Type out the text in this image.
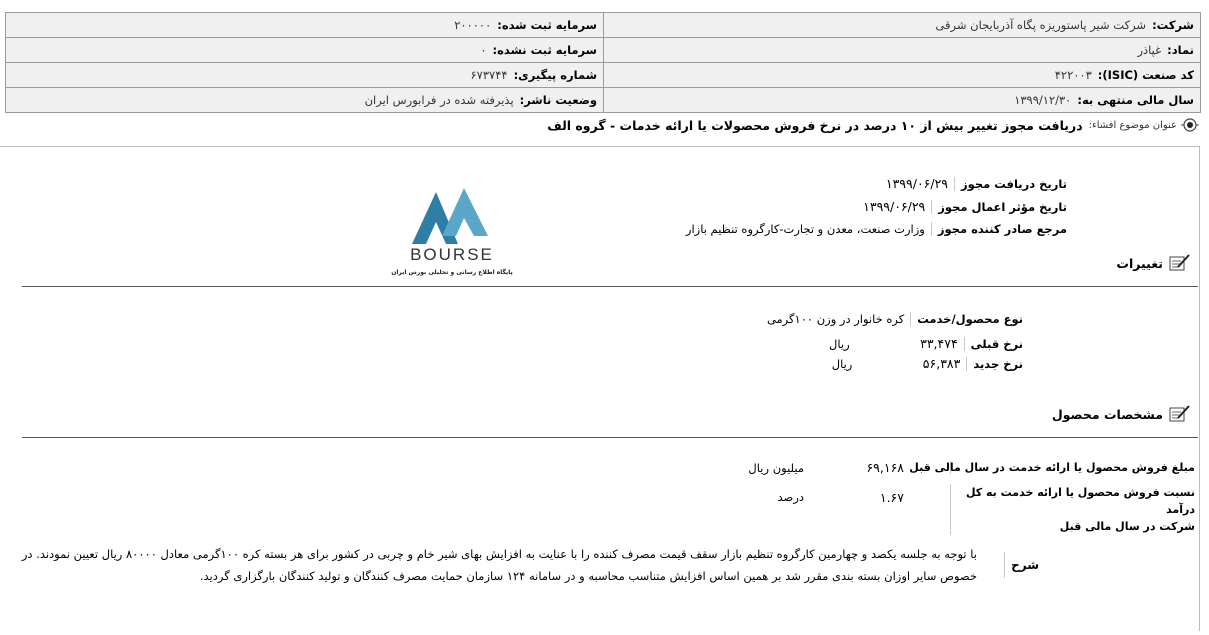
شرکت:
شرکت شیر پاستوریزه پگاه آذربایجان شرقی
سرمایه ثبت شده:
۲۰۰۰۰۰
نماد:
غپاذر
سرمایه ثبت نشده:
۰
کد صنعت (ISIC):
۴۲۲۰۰۳
شماره پیگیری:
۶۷۳۷۴۴
سال مالی منتهی به:
۱۳۹۹/۱۲/۳۰
وضعیت ناشر:
پذیرفته شده در فرابورس ایران
عنوان موضوع افشاء:
دریافت مجوز تغییر بیش از ۱۰ درصد در نرخ فروش محصولات یا ارائه خدمات - گروه الف
BOURSE
پایگاه اطلاع رسانی و تحلیلی بورس ایران
تاریخ دریافت مجوز
۱۳۹۹/۰۶/۲۹
تاریخ مؤثر اعمال مجوز
۱۳۹۹/۰۶/۲۹
مرجع صادر کننده مجوز
وزارت صنعت، معدن و تجارت-کارگروه تنظیم بازار
تغییرات
نوع محصول/خدمت
کره خانوار در وزن ۱۰۰گرمی
نرخ قبلی
۳۳,۴۷۴
ریال
نرخ جدید
۵۶,۳۸۳
ریال
مشخصات محصول
مبلغ فروش محصول یا ارائه خدمت در سال مالی قبل
۶۹,۱۶۸
میلیون ریال
نسبت فروش محصول یا ارائه خدمت به کل درآمد
شرکت در سال مالی قبل
۱.۶۷
درصد
شرح
با توجه به جلسه یکصد و چهارمین کارگروه تنظیم بازار سقف قیمت مصرف کننده را با عنایت به افزایش بهای شیر خام و چربی در کشور برای هر بسته کره ۱۰۰گرمی معادل ۸۰۰۰۰ ریال تعیین نمودند. در
خصوص سایر اوزان بسته بندی مقرر شد بر همین اساس افزایش متناسب محاسبه و در سامانه ۱۲۴ سازمان حمایت مصرف کنندگان و تولید کنندگان بارگزاری گردید.
